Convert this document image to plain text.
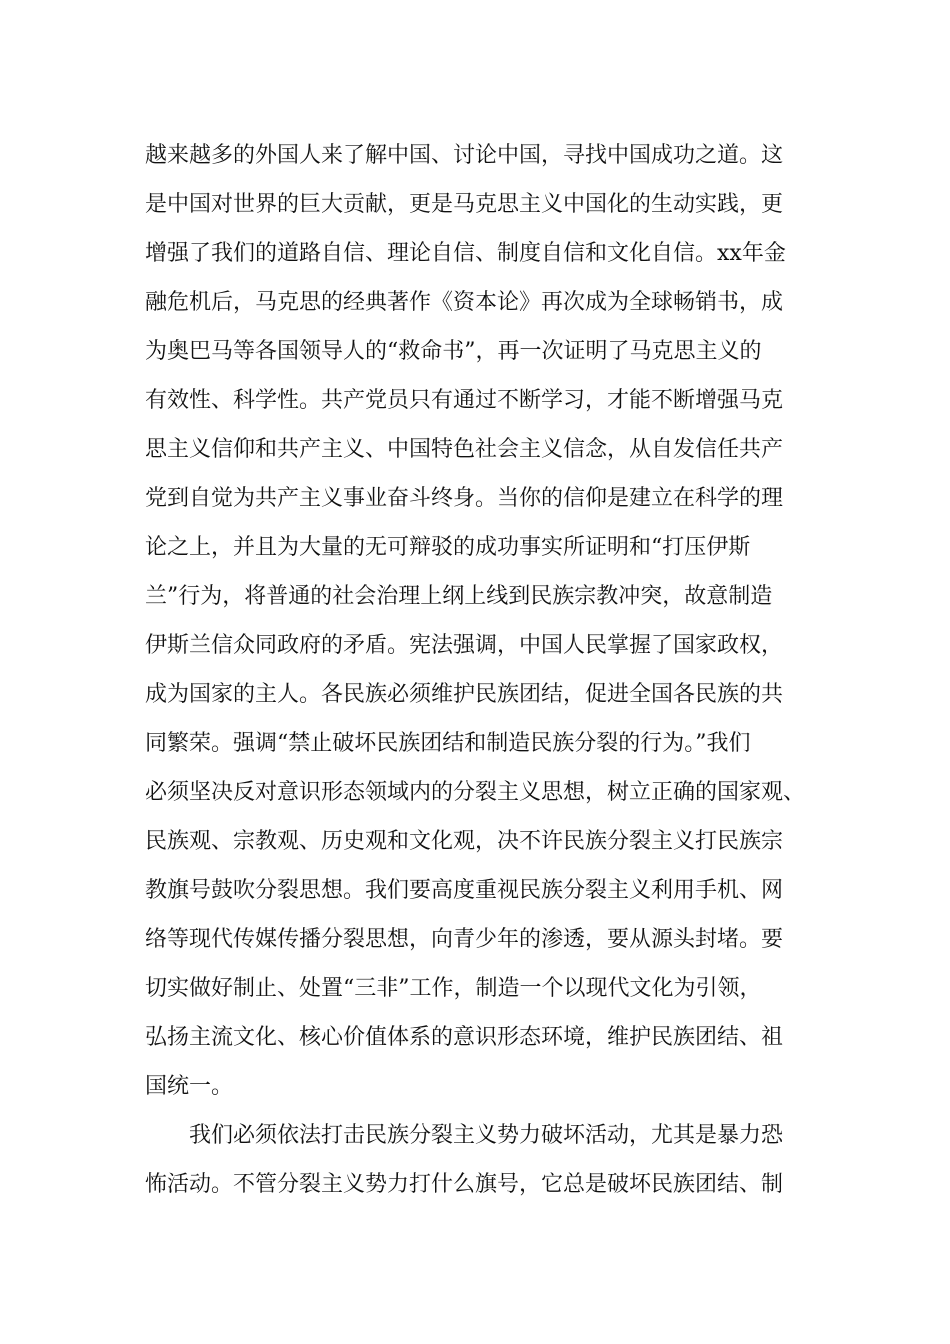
越来越多的外国人来了解中国、讨论中国，寻找中国成功之道。这
是中国对世界的巨大贡献，更是马克思主义中国化的生动实践，更
增强了我们的道路自信、理论自信、制度自信和文化自信。xx年金
融危机后，马克思的经典著作《资本论》再次成为全球畅销书，成
为奥巴马等各国领导人的“救命书”，再一次证明了马克思主义的
有效性、科学性。共产党员只有通过不断学习，才能不断增强马克
思主义信仰和共产主义、中国特色社会主义信念，从自发信任共产
党到自觉为共产主义事业奋斗终身。当你的信仰是建立在科学的理
论之上，并且为大量的无可辩驳的成功事实所证明和“打压伊斯
兰”行为，将普通的社会治理上纲上线到民族宗教冲突，故意制造
伊斯兰信众同政府的矛盾。宪法强调，中国人民掌握了国家政权，
成为国家的主人。各民族必须维护民族团结，促进全国各民族的共
同繁荣。强调“禁止破坏民族团结和制造民族分裂的行为。”我们
必须坚决反对意识形态领域内的分裂主义思想，树立正确的国家观、
民族观、宗教观、历史观和文化观，决不许民族分裂主义打民族宗
教旗号鼓吹分裂思想。我们要高度重视民族分裂主义利用手机、网
络等现代传媒传播分裂思想，向青少年的渗透，要从源头封堵。要
切实做好制止、处置“三非”工作，制造一个以现代文化为引领，
弘扬主流文化、核心价值体系的意识形态环境，维护民族团结、祖
国统一。
我们必须依法打击民族分裂主义势力破坏活动，尤其是暴力恐
怖活动。不管分裂主义势力打什么旗号，它总是破坏民族团结、制
